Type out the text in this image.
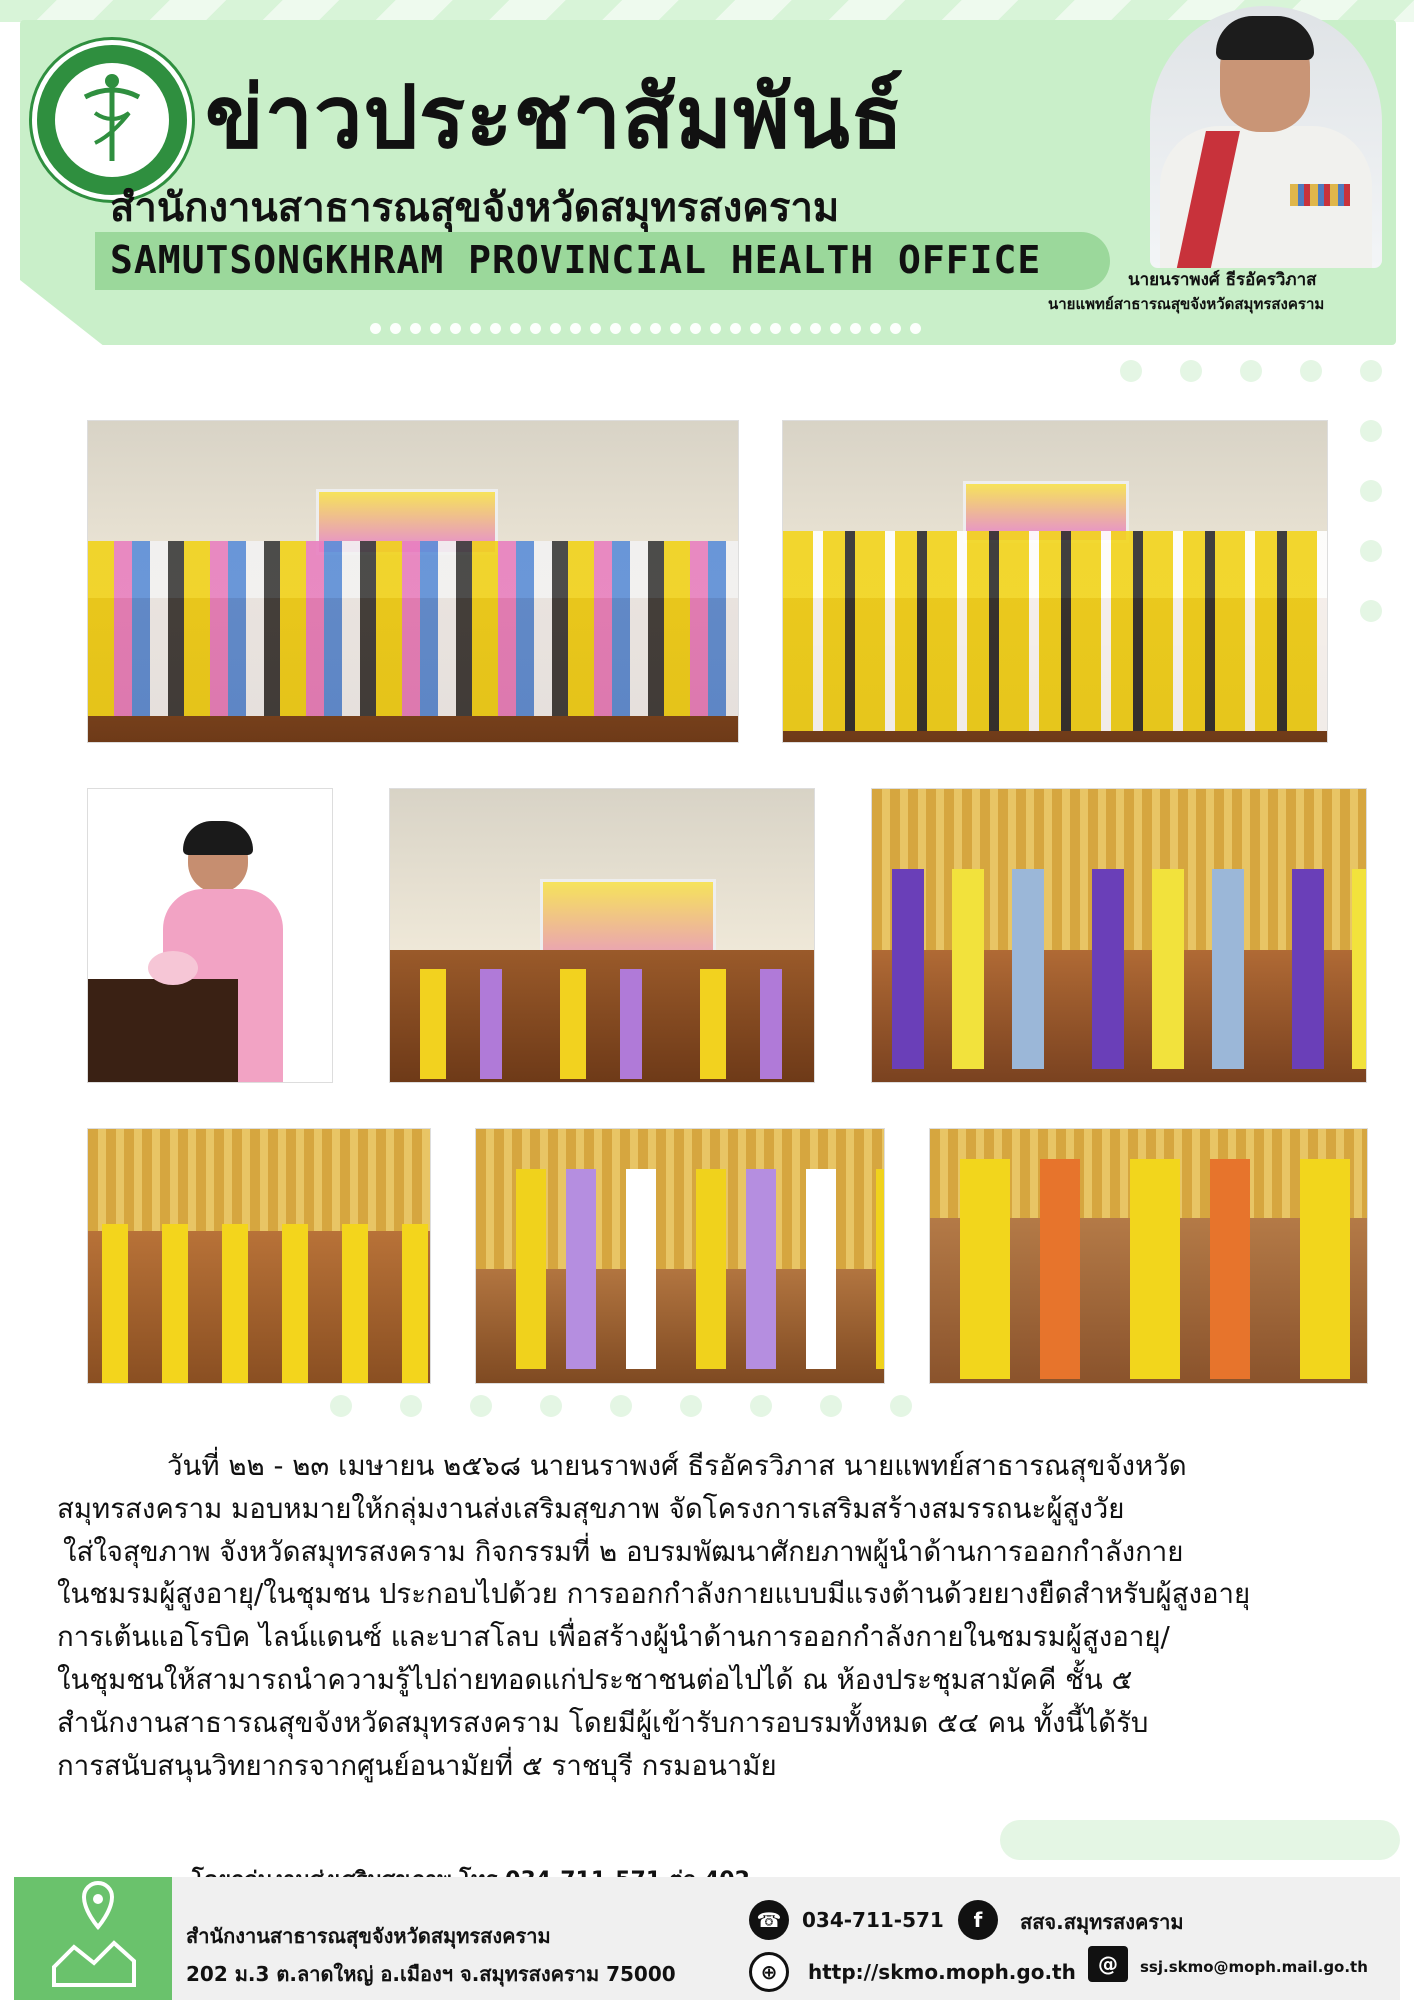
ข่าวประชาสัมพันธ์
สำนักงานสาธารณสุขจังหวัดสมุทรสงคราม
SAMUTSONGKHRAM PROVINCIAL HEALTH OFFICE	นายนราพงศ์ ธีรอัครวิภาส
นายแพทย์สาธารณสุขจังหวัดสมุทรสงคราม
วันที่ ๒๒ - ๒๓ เมษายน ๒๕๖๘ นายนราพงศ์ ธีรอัครวิภาส นายแพทย์สาธารณสุขจังหวัด
สมุทรสงคราม มอบหมายให้กลุ่มงานส่งเสริมสุขภาพ จัดโครงการเสริมสร้างสมรรถนะผู้สูงวัย
ใส่ใจสุขภาพ จังหวัดสมุทรสงคราม กิจกรรมที่ ๒ อบรมพัฒนาศักยภาพผู้นำด้านการออกกำลังกาย
ในชมรมผู้สูงอายุ/ในชุมชน ประกอบไปด้วย การออกกำลังกายแบบมีแรงต้านด้วยยางยืดสำหรับผู้สูงอายุ
การเต้นแอโรบิค ไลน์แดนซ์ และบาสโลบ เพื่อสร้างผู้นำด้านการออกกำลังกายในชมรมผู้สูงอายุ/
ในชุมชนให้สามารถนำความรู้ไปถ่ายทอดแก่ประชาชนต่อไปได้ ณ ห้องประชุมสามัคคี ชั้น ๕
สำนักงานสาธารณสุขจังหวัดสมุทรสงคราม โดยมีผู้เข้ารับการอบรมทั้งหมด ๕๔ คน ทั้งนี้ได้รับ
การสนับสนุนวิทยากรจากศูนย์อนามัยที่ ๕ ราชบุรี กรมอนามัย
สำนักงานสาธารณสุขจังหวัดสมุทรสงคราม
202 ม.3 ต.ลาดใหญ่ อ.เมืองฯ จ.สมุทรสงคราม 75000
☎	034-711-571	f	สสจ.สมุทรสงคราม
⊕	http://skmo.moph.go.th	@	ssj.skmo@moph.mail.go.th
